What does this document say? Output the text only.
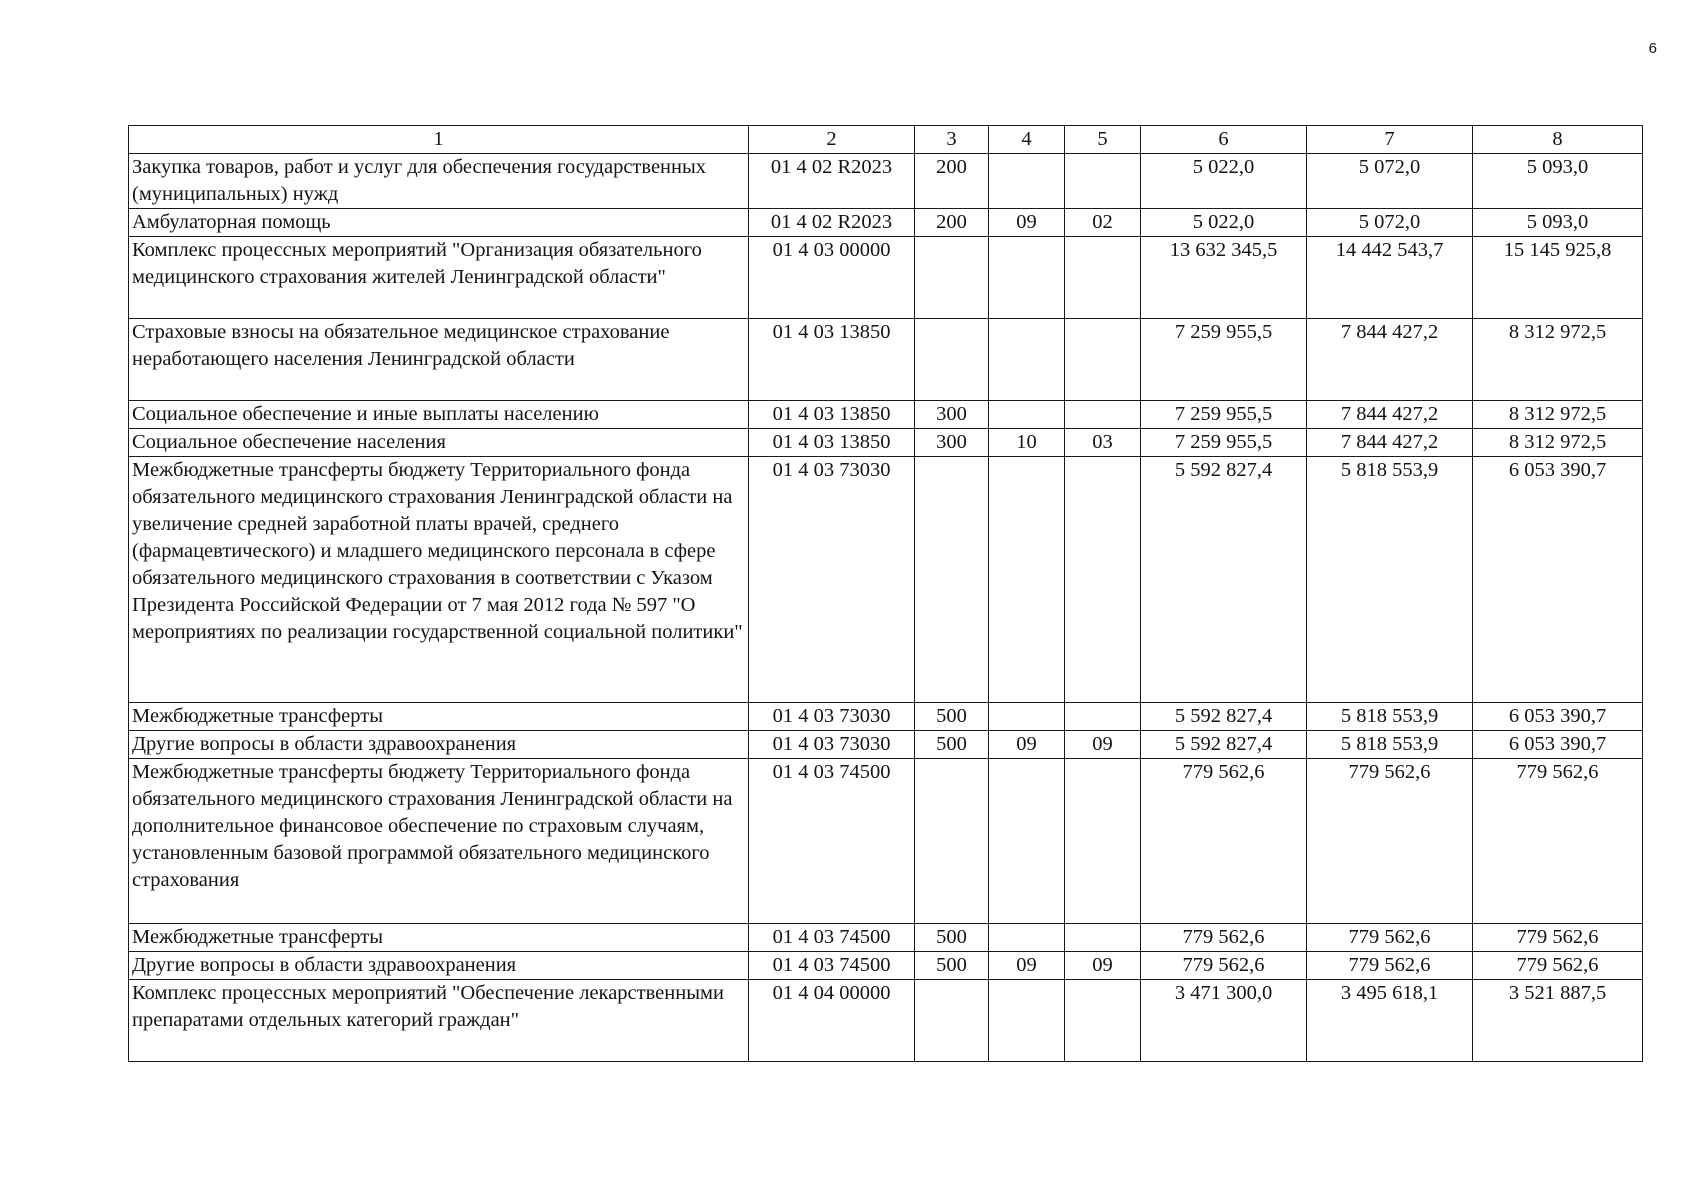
6
1	2	3	4	5	6	7	8
Закупка товаров, работ и услуг для обеспечения государственных (муниципальных) нужд	01 4 02 R2023	200			5 022,0	5 072,0	5 093,0
Амбулаторная помощь	01 4 02 R2023	200	09	02	5 022,0	5 072,0	5 093,0
Комплекс процессных мероприятий "Организация обязательного медицинского страхования жителей Ленинградской области"	01 4 03 00000				13 632 345,5	14 442 543,7	15 145 925,8
Страховые взносы на обязательное медицинское страхование неработающего населения Ленинградской области	01 4 03 13850				7 259 955,5	7 844 427,2	8 312 972,5
Социальное обеспечение и иные выплаты населению	01 4 03 13850	300			7 259 955,5	7 844 427,2	8 312 972,5
Социальное обеспечение населения	01 4 03 13850	300	10	03	7 259 955,5	7 844 427,2	8 312 972,5
Межбюджетные трансферты бюджету Территориального фонда обязательного медицинского страхования Ленинградской области на увеличение средней заработной платы врачей, среднего (фармацевтического) и младшего медицинского персонала в сфере обязательного медицинского страхования в соответствии с Указом Президента Российской Федерации от 7 мая 2012 года № 597 "О мероприятиях по реализации государственной социальной политики"	01 4 03 73030				5 592 827,4	5 818 553,9	6 053 390,7
Межбюджетные трансферты	01 4 03 73030	500			5 592 827,4	5 818 553,9	6 053 390,7
Другие вопросы в области здравоохранения	01 4 03 73030	500	09	09	5 592 827,4	5 818 553,9	6 053 390,7
Межбюджетные трансферты бюджету Территориального фонда обязательного медицинского страхования Ленинградской области на дополнительное финансовое обеспечение по страховым случаям, установленным базовой программой обязательного медицинского страхования	01 4 03 74500				779 562,6	779 562,6	779 562,6
Межбюджетные трансферты	01 4 03 74500	500			779 562,6	779 562,6	779 562,6
Другие вопросы в области здравоохранения	01 4 03 74500	500	09	09	779 562,6	779 562,6	779 562,6
Комплекс процессных мероприятий "Обеспечение лекарственными препаратами отдельных категорий граждан"	01 4 04 00000				3 471 300,0	3 495 618,1	3 521 887,5
